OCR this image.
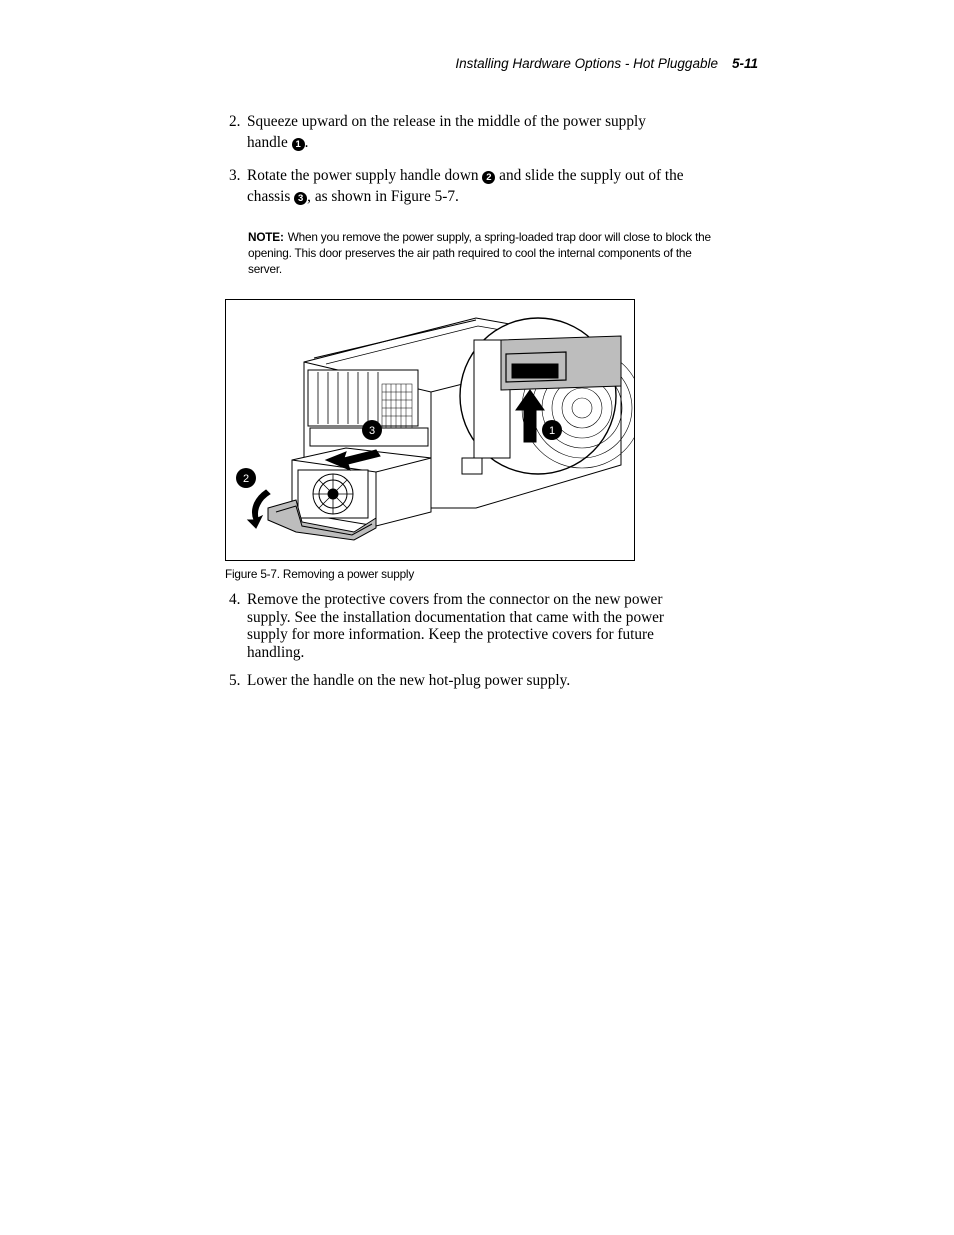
Installing Hardware Options - Hot Pluggable 5-11
2. Squeeze upward on the release in the middle of the power supply
handle 1 .
3. Rotate the power supply handle down 2 and slide the supply out of the
chassis 3 , as shown in Figure 5-7.
NOTE: When you remove the power supply, a spring-loaded trap door will close to block the opening. This door preserves the air path required to cool the internal components of the server.
1
2
3
Figure 5-7. Removing a power supply
4. Remove the protective covers from the connector on the new power supply. See the installation documentation that came with the power supply for more information. Keep the protective covers for future handling.
5. Lower the handle on the new hot-plug power supply.
